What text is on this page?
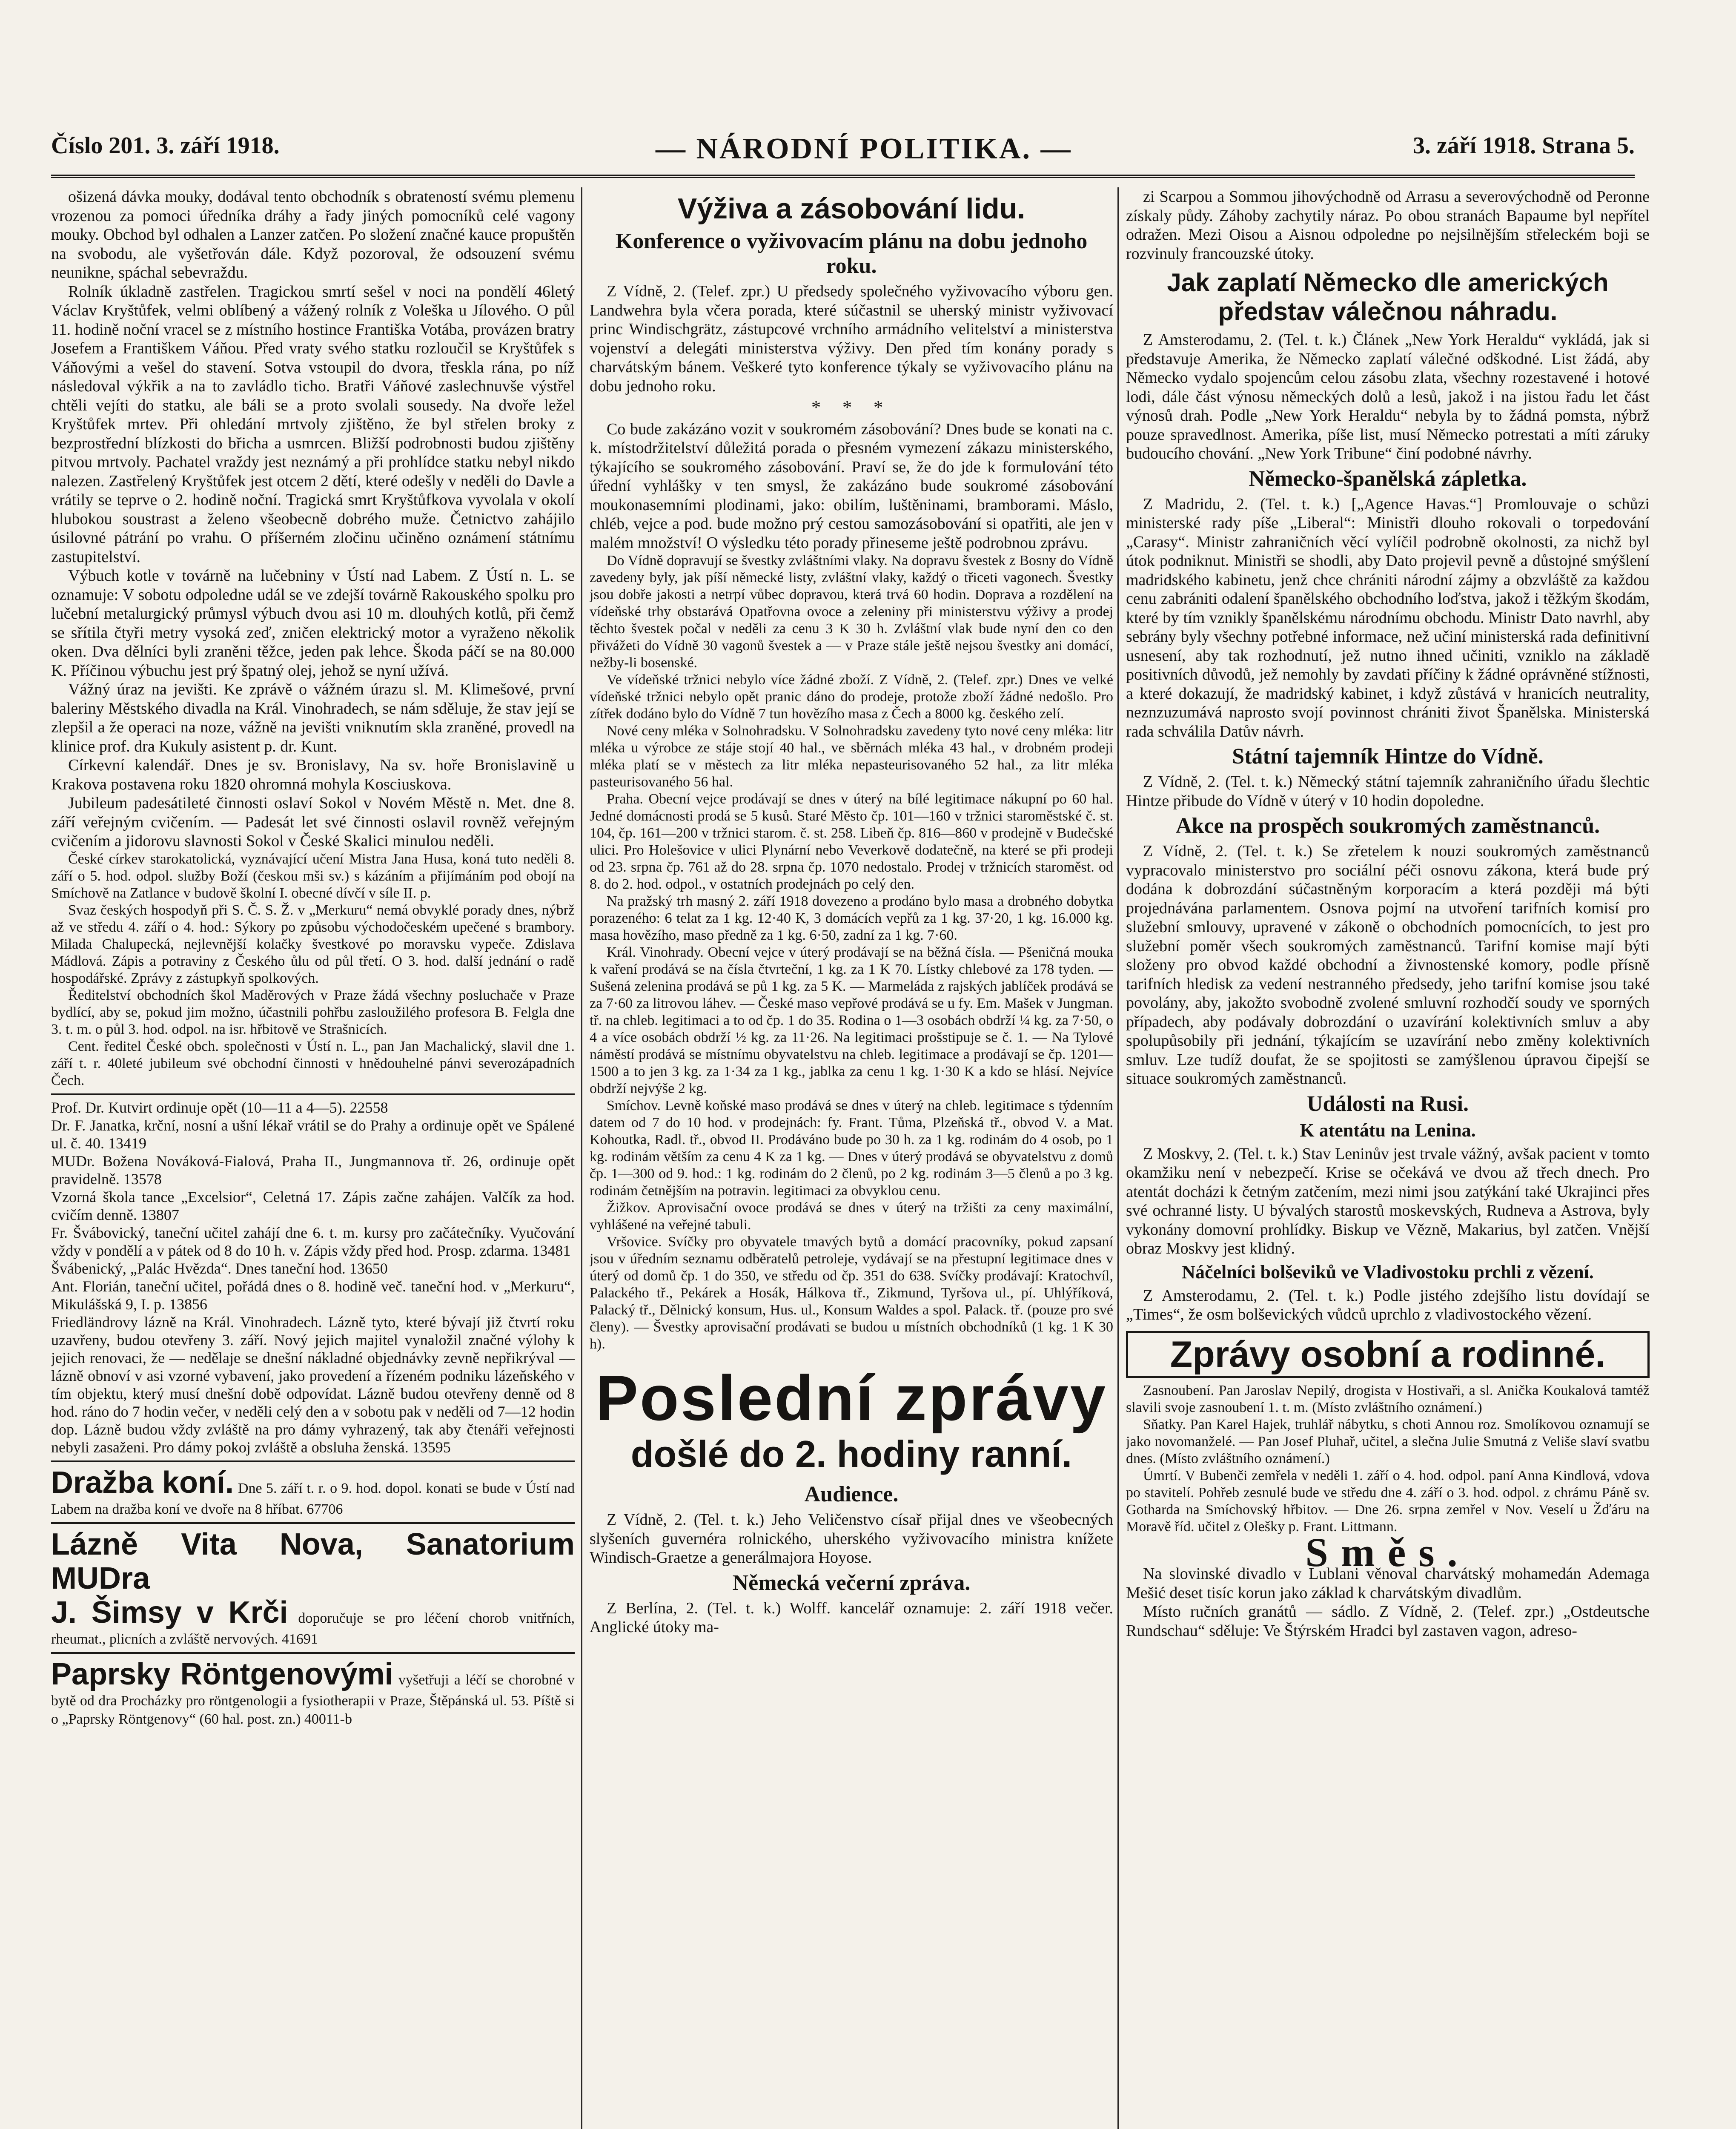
Číslo 201. 3. září 1918.	— NÁRODNÍ POLITIKA. —	3. září 1918. Strana 5.

ošizená dávka mouky, dodával tento obchodník s obrateností svému plemenu vrozenou za pomoci úředníka dráhy a řady jiných pomocníků celé vagony mouky. Obchod byl odhalen a Lanzer zatčen. Po složení značné kauce propuštěn na svobodu, ale vyšetřován dále. Když pozoroval, že odsouzení svému neunikne, spáchal sebevraždu.

Rolník úkladně zastřelen. Tragickou smrtí sešel v noci na pondělí 46letý Václav Kryštůfek, velmi oblíbený a vážený rolník z Voleška u Jílového. O půl 11. hodině noční vracel se z místního hostince Františka Votába, provázen bratry Josefem a Františkem Váňou. Před vraty svého statku rozloučil se Kryštůfek s Váňovými a vešel do stavení. Sotva vstoupil do dvora, třeskla rána, po níž následoval výkřik a na to zavládlo ticho. Bratři Váňové zaslechnuvše výstřel chtěli vejíti do statku, ale báli se a proto svolali sousedy. Na dvoře ležel Kryštůfek mrtev. Při ohledání mrtvoly zjištěno, že byl střelen broky z bezprostřední blízkosti do břicha a usmrcen. Bližší podrobnosti budou zjištěny pitvou mrtvoly. Pachatel vraždy jest neznámý a při prohlídce statku nebyl nikdo nalezen. Zastřelený Kryštůfek jest otcem 2 dětí, které odešly v neděli do Davle a vrátily se teprve o 2. hodině noční. Tragická smrt Kryštůfkova vyvolala v okolí hlubokou soustrast a želeno všeobecně dobrého muže. Četnictvo zahájilo úsilovné pátrání po vrahu. O příšerném zločinu učiněno oznámení státnímu zastupitelství.

Výbuch kotle v továrně na lučebniny v Ústí nad Labem. Z Ústí n. L. se oznamuje: V sobotu odpoledne udál se ve zdejší továrně Rakouského spolku pro lučební metalurgický průmysl výbuch dvou asi 10 m. dlouhých kotlů, při čemž se sřítila čtyři metry vysoká zeď, zničen elektrický motor a vyraženo několik oken. Dva dělníci byli zraněni těžce, jeden pak lehce. Škoda páčí se na 80.000 K. Příčinou výbuchu jest prý špatný olej, jehož se nyní užívá.

Vážný úraz na jevišti. Ke zprávě o vážném úrazu sl. M. Klimešové, první baleriny Městského divadla na Král. Vinohradech, se nám sděluje, že stav její se zlepšil a že operaci na noze, vážně na jevišti vniknutím skla zraněné, provedl na klinice prof. dra Kukuly asistent p. dr. Kunt.

Církevní kalendář. Dnes je sv. Bronislavy, Na sv. hoře Bronislavině u Krakova postavena roku 1820 ohromná mohyla Kosciuskova.

Jubileum padesátileté činnosti oslaví Sokol v Novém Městě n. Met. dne 8. září veřejným cvičením. — Padesát let své činnosti oslavil rovněž veřejným cvičením a jidorovu slavnosti Sokol v České Skalici minulou neděli.

České církev starokatolická, vyznávající učení Mistra Jana Husa, koná tuto neděli 8. září o 5. hod. odpol. služby Boží (českou mši sv.) s kázáním a přijímáním pod obojí na Smíchově na Zatlance v budově školní I. obecné dívčí v síle II. p.

Svaz českých hospodyň při S. Č. S. Ž. v „Merkuru“ nemá obvyklé porady dnes, nýbrž až ve středu 4. září o 4. hod.: Sýkory po způsobu východočeském upečené s brambory. Milada Chalupecká, nejlevnější kolačky švestkové po moravsku vypeče. Zdislava Mádlová. Zápis a potraviny z Českého ůlu od půl třetí. O 3. hod. další jednání o radě hospodářské. Zprávy z zástupkyň spolkových.

Ředitelství obchodních škol Maděrových v Praze žádá všechny posluchače v Praze bydlící, aby se, pokud jim možno, účastnili pohřbu zasloužilého profesora B. Felgla dne 3. t. m. o půl 3. hod. odpol. na isr. hřbitově ve Strašnicích.

Cent. ředitel České obch. společnosti v Ústí n. L., pan Jan Machalický, slavil dne 1. září t. r. 40leté jubileum své obchodní činnosti v hnědouhelné pánvi severozápadních Čech.

Prof. Dr. Kutvirt ordinuje opět (10—11 a 4—5). 22558

Dr. F. Janatka, krční, nosní a ušní lékař vrátil se do Prahy a ordinuje opět ve Spálené ul. č. 40. 13419

MUDr. Božena Nováková-Fialová, Praha II., Jungmannova tř. 26, ordinuje opět pravidelně. 13578

Vzorná škola tance „Excelsior“, Celetná 17. Zápis začne zahájen. Valčík za hod. cvičím denně. 13807

Fr. Švábovický, taneční učitel zahájí dne 6. t. m. kursy pro začátečníky. Vyučování vždy v pondělí a v pátek od 8 do 10 h. v. Zápis vždy před hod. Prosp. zdarma. 13481

Švábenický, „Palác Hvězda“. Dnes taneční hod. 13650

Ant. Florián, taneční učitel, pořádá dnes o 8. hodině več. taneční hod. v „Merkuru“, Mikulášská 9, I. p. 13856

Friedländrovy lázně na Král. Vinohradech. Lázně tyto, které bývají již čtvrtí roku uzavřeny, budou otevřeny 3. září. Nový jejich majitel vynaložil značné výlohy k jejich renovaci, že — nedělaje se dnešní nákladné objednávky zevně nepřikrýval — lázně obnoví v asi vzorné vybavení, jako provedení a řízeném podniku lázeňského v tím objektu, který musí dnešní době odpovídat. Lázně budou otevřeny denně od 8 hod. ráno do 7 hodin večer, v neděli celý den a v sobotu pak v neděli od 7—12 hodin dop. Lázně budou vždy zvláště na pro dámy vyhrazený, tak aby čtenáři veřejnosti nebyli zasaženi. Pro dámy pokoj zvláště a obsluha ženská. 13595

Dražba koní. Dne 5. září t. r. o 9. hod. dopol. konati se bude v Ústí nad Labem na dražba koní ve dvoře na 8 hříbat. 67706
Lázně Vita Nova, Sanatorium MUDra
J. Šimsy v Krči doporučuje se pro léčení chorob vnitřních, rheumat., plicních a zvláště nervových. 41691
Paprsky Röntgenovými vyšetřuji a léčí se chorobné v bytě od dra Procházky pro röntgenologii a fysiotherapii v Praze, Štěpánská ul. 53. Píště si o „Paprsky Röntgenovy“ (60 hal. post. zn.) 40011-b
Výživa a zásobování lidu.
Konference o vyživovacím plánu na dobu jednoho roku.

Z Vídně, 2. (Telef. zpr.) U předsedy společného vyživovacího výboru gen. Landwehra byla včera porada, které súčastnil se uherský ministr vyživovací princ Windischgrätz, zástupcové vrchního armádního velitelství a ministerstva vojenství a delegáti ministerstva výživy. Den před tím konány porady s charvátským bánem. Veškeré tyto konference týkaly se vyživovacího plánu na dobu jednoho roku.

* * *

Co bude zakázáno vozit v soukromém zásobování? Dnes bude se konati na c. k. místodržitelství důležitá porada o přesném vymezení zákazu ministerského, týkajícího se soukromého zásobování. Praví se, že do jde k formulování této úřední vyhlášky v ten smysl, že zakázáno bude soukromé zásobování moukonasemními plodinami, jako: obilím, luštěninami, bramborami. Máslo, chléb, vejce a pod. bude možno prý cestou samozásobování si opatřiti, ale jen v malém množství! O výsledku této porady přineseme ještě podrobnou zprávu.

Do Vídně dopravují se švestky zvláštními vlaky. Na dopravu švestek z Bosny do Vídně zavedeny byly, jak píší německé listy, zvláštní vlaky, každý o třiceti vagonech. Švestky jsou dobře jakosti a netrpí vůbec dopravou, která trvá 60 hodin. Doprava a rozdělení na vídeňské trhy obstarává Opatřovna ovoce a zeleniny při ministerstvu výživy a prodej těchto švestek počal v neděli za cenu 3 K 30 h. Zvláštní vlak bude nyní den co den přivážeti do Vídně 30 vagonů švestek a — v Praze stále ještě nejsou švestky ani domácí, nežby-li bosenské.

Ve vídeňské tržnici nebylo více žádné zboží. Z Vídně, 2. (Telef. zpr.) Dnes ve velké vídeňské tržnici nebylo opět pranic dáno do prodeje, protože zboží žádné nedošlo. Pro zítřek dodáno bylo do Vídně 7 tun hovězího masa z Čech a 8000 kg. českého zelí.

Nové ceny mléka v Solnohradsku. V Solnohradsku zavedeny tyto nové ceny mléka: litr mléka u výrobce ze stáje stojí 40 hal., ve sběrnách mléka 43 hal., v drobném prodeji mléka platí se v městech za litr mléka nepasteurisovaného 52 hal., za litr mléka pasteurisovaného 56 hal.

Praha. Obecní vejce prodávají se dnes v úterý na bílé legitimace nákupní po 60 hal. Jedné domácnosti prodá se 5 kusů. Staré Město čp. 101—160 v tržnici staroměstské č. st. 104, čp. 161—200 v tržnici starom. č. st. 258. Libeň čp. 816—860 v prodejně v Budečské ulici. Pro Holešovice v ulici Plynární nebo Veverkově dodatečně, na které se při prodeji od 23. srpna čp. 761 až do 28. srpna čp. 1070 nedostalo. Prodej v tržnicích staroměst. od 8. do 2. hod. odpol., v ostatních prodejnách po celý den.

Na pražský trh masný 2. září 1918 dovezeno a prodáno bylo masa a drobného dobytka porazeného: 6 telat za 1 kg. 12·40 K, 3 domácích vepřů za 1 kg. 37·20, 1 kg. 16.000 kg. masa hovězího, maso předně za 1 kg. 6·50, zadní za 1 kg. 7·60.

Král. Vinohrady. Obecní vejce v úterý prodávají se na běžná čísla. — Pšeničná mouka k vaření prodává se na čísla čtvrteční, 1 kg. za 1 K 70. Lístky chlebové za 178 tyden. — Sušená zelenina prodává se pů 1 kg. za 5 K. — Marmeláda z rajských jablíček prodává se za 7·60 za litrovou láhev. — České maso vepřové prodává se u fy. Em. Mašek v Jungman. tř. na chleb. legitimaci a to od čp. 1 do 35. Rodina o 1—3 osobách obdrží ¼ kg. za 7·50, o 4 a více osobách obdrží ½ kg. za 11·26. Na legitimaci prošstipuje se č. 1. — Na Tylové náměstí prodává se místnímu obyvatelstvu na chleb. legitimace a prodávají se čp. 1201—1500 a to jen 3 kg. za 1·34 za 1 kg., jablka za cenu 1 kg. 1·30 K a kdo se hlásí. Nejvíce obdrží nejvýše 2 kg.

Smíchov. Levně koňské maso prodává se dnes v úterý na chleb. legitimace s týdenním datem od 7 do 10 hod. v prodejnách: fy. Frant. Tůma, Plzeňská tř., obvod V. a Mat. Kohoutka, Radl. tř., obvod II. Prodáváno bude po 30 h. za 1 kg. rodinám do 4 osob, po 1 kg. rodinám větším za cenu 4 K za 1 kg. — Dnes v úterý prodává se obyvatelstvu z domů čp. 1—300 od 9. hod.: 1 kg. rodinám do 2 členů, po 2 kg. rodinám 3—5 členů a po 3 kg. rodinám četnějším na potravin. legitimaci za obvyklou cenu.

Žižkov. Aprovisační ovoce prodává se dnes v úterý na tržišti za ceny maximální, vyhlášené na veřejné tabuli.

Vršovice. Svíčky pro obyvatele tmavých bytů a domácí pracovníky, pokud zapsaní jsou v úředním seznamu odběratelů petroleje, vydávají se na přestupní legitimace dnes v úterý od domů čp. 1 do 350, ve středu od čp. 351 do 638. Svíčky prodávají: Kratochvíl, Palackého tř., Pekárek a Hosák, Hálkova tř., Zikmund, Tyršova ul., pí. Uhlýříková, Palacký tř., Dělnický konsum, Hus. ul., Konsum Waldes a spol. Palack. tř. (pouze pro své členy). — Švestky aprovisační prodávati se budou u místních obchodníků (1 kg. 1 K 30 h).

Poslední zprávy
došlé do 2. hodiny ranní.
Audience.

Z Vídně, 2. (Tel. t. k.) Jeho Veličenstvo císař přijal dnes ve všeobecných slyšeních guvernéra rolnického, uherského vyživovacího ministra knížete Windisch-Graetze a generálmajora Hoyose.

Německá večerní zpráva.

Z Berlína, 2. (Tel. t. k.) Wolff. kancelář oznamuje: 2. září 1918 večer. Anglické útoky ma-

zi Scarpou a Sommou jihovýchodně od Arrasu a severovýchodně od Peronne získaly půdy. Záhoby zachytily náraz. Po obou stranách Bapaume byl nepřítel odražen. Mezi Oisou a Aisnou odpoledne po nejsilnějším střeleckém boji se rozvinuly francouzské útoky.

Jak zaplatí Německo dle amerických představ válečnou náhradu.

Z Amsterodamu, 2. (Tel. t. k.) Článek „New York Heraldu“ vykládá, jak si představuje Amerika, že Německo zaplatí válečné odškodné. List žádá, aby Německo vydalo spojencům celou zásobu zlata, všechny rozestavené i hotové lodi, dále část výnosu německých dolů a lesů, jakož i na jistou řadu let část výnosů drah. Podle „New York Heraldu“ nebyla by to žádná pomsta, nýbrž pouze spravedlnost. Amerika, píše list, musí Německo potrestati a míti záruky budoucího chování. „New York Tribune“ činí podobné návrhy.

Německo-španělská zápletka.

Z Madridu, 2. (Tel. t. k.) [„Agence Havas.“] Promlouvaje o schůzi ministerské rady píše „Liberal“: Ministři dlouho rokovali o torpedování „Carasy“. Ministr zahraničních věcí vylíčil podrobně okolnosti, za nichž byl útok podniknut. Ministři se shodli, aby Dato projevil pevně a důstojné smýšlení madridského kabinetu, jenž chce chrániti národní zájmy a obzvláště za každou cenu zabrániti odalení španělského obchodního loďstva, jakož i těžkým škodám, které by tím vznikly španělskému národnímu obchodu. Ministr Dato navrhl, aby sebrány byly všechny potřebné informace, než učiní ministerská rada definitivní usnesení, aby tak rozhodnutí, jež nutno ihned učiniti, vzniklo na základě positivních důvodů, jež nemohly by zavdati příčiny k žádné oprávněné stížnosti, a které dokazují, že madridský kabinet, i když zůstává v hranicích neutrality, neznzuzumává naprosto svojí povinnost chrániti život Španělska. Ministerská rada schválila Datův návrh.

Státní tajemník Hintze do Vídně.

Z Vídně, 2. (Tel. t. k.) Německý státní tajemník zahraničního úřadu šlechtic Hintze přibude do Vídně v úterý v 10 hodin dopoledne.

Akce na prospěch soukromých zaměstnanců.

Z Vídně, 2. (Tel. t. k.) Se zřetelem k nouzi soukromých zaměstnanců vypracovalo ministerstvo pro sociální péči osnovu zákona, která bude prý dodána k dobrozdání súčastněným korporacím a která později má býti projednávána parlamentem. Osnova pojmí na utvoření tarifních komisí pro služební smlouvy, upravené v zákoně o obchodních pomocnících, to jest pro služební poměr všech soukromých zaměstnanců. Tarifní komise mají býti složeny pro obvod každé obchodní a živnostenské komory, podle přísně tarifních hledisk za vedení nestranného předsedy, jeho tarifní komise jsou také povolány, aby, jakožto svobodně zvolené smluvní rozhodčí soudy ve sporných případech, aby podávaly dobrozdání o uzavírání kolektivních smluv a aby spolupůsobily při jednání, týkajícím se uzavírání nebo změny kolektivních smluv. Lze tudíž doufat, že se spojitosti se zamýšlenou úpravou čipejší se situace soukromých zaměstnanců.

Události na Rusi.
K atentátu na Lenina.

Z Moskvy, 2. (Tel. t. k.) Stav Leninův jest trvale vážný, avšak pacient v tomto okamžiku není v nebezpečí. Krise se očekává ve dvou až třech dnech. Pro atentát docházi k četným zatčením, mezi nimi jsou zatýkání také Ukrajinci přes své ochranné listy. U bývalých starostů moskevských, Rudneva a Astrova, byly vykonány domovní prohlídky. Biskup ve Vězně, Makarius, byl zatčen. Vnější obraz Moskvy jest klidný.

Náčelníci bolševiků ve Vladivostoku prchli z vězení.

Z Amsterodamu, 2. (Tel. t. k.) Podle jistého zdejšího listu dovídají se „Times“, že osm bolševických vůdců uprchlo z vladivostockého vězení.

Zprávy osobní a rodinné.

Zasnoubení. Pan Jaroslav Nepilý, drogista v Hostivaři, a sl. Anička Koukalová tamtéž slavili svoje zasnoubení 1. t. m. (Místo zvláštního oznámení.)

Sňatky. Pan Karel Hajek, truhlář nábytku, s choti Annou roz. Smolíkovou oznamují se jako novomanželé. — Pan Josef Pluhař, učitel, a slečna Julie Smutná z Veliše slaví svatbu dnes. (Místo zvláštního oznámení.)

Úmrtí. V Bubenči zemřela v neděli 1. září o 4. hod. odpol. paní Anna Kindlová, vdova po stavitelí. Pohřeb zesnulé bude ve středu dne 4. září o 3. hod. odpol. z chrámu Páně sv. Gotharda na Smíchovský hřbitov. — Dne 26. srpna zemřel v Nov. Veselí u Žďáru na Moravě říd. učitel z Olešky p. Frant. Littmann.

Směs.

Na slovinské divadlo v Lublani věnoval charvátský mohamedán Ademaga Mešić deset tisíc korun jako základ k charvátským divadlům.

Místo ručních granátů — sádlo. Z Vídně, 2. (Telef. zpr.) „Ostdeutsche Rundschau“ sděluje: Ve Štýrském Hradci byl zastaven vagon, adreso-
